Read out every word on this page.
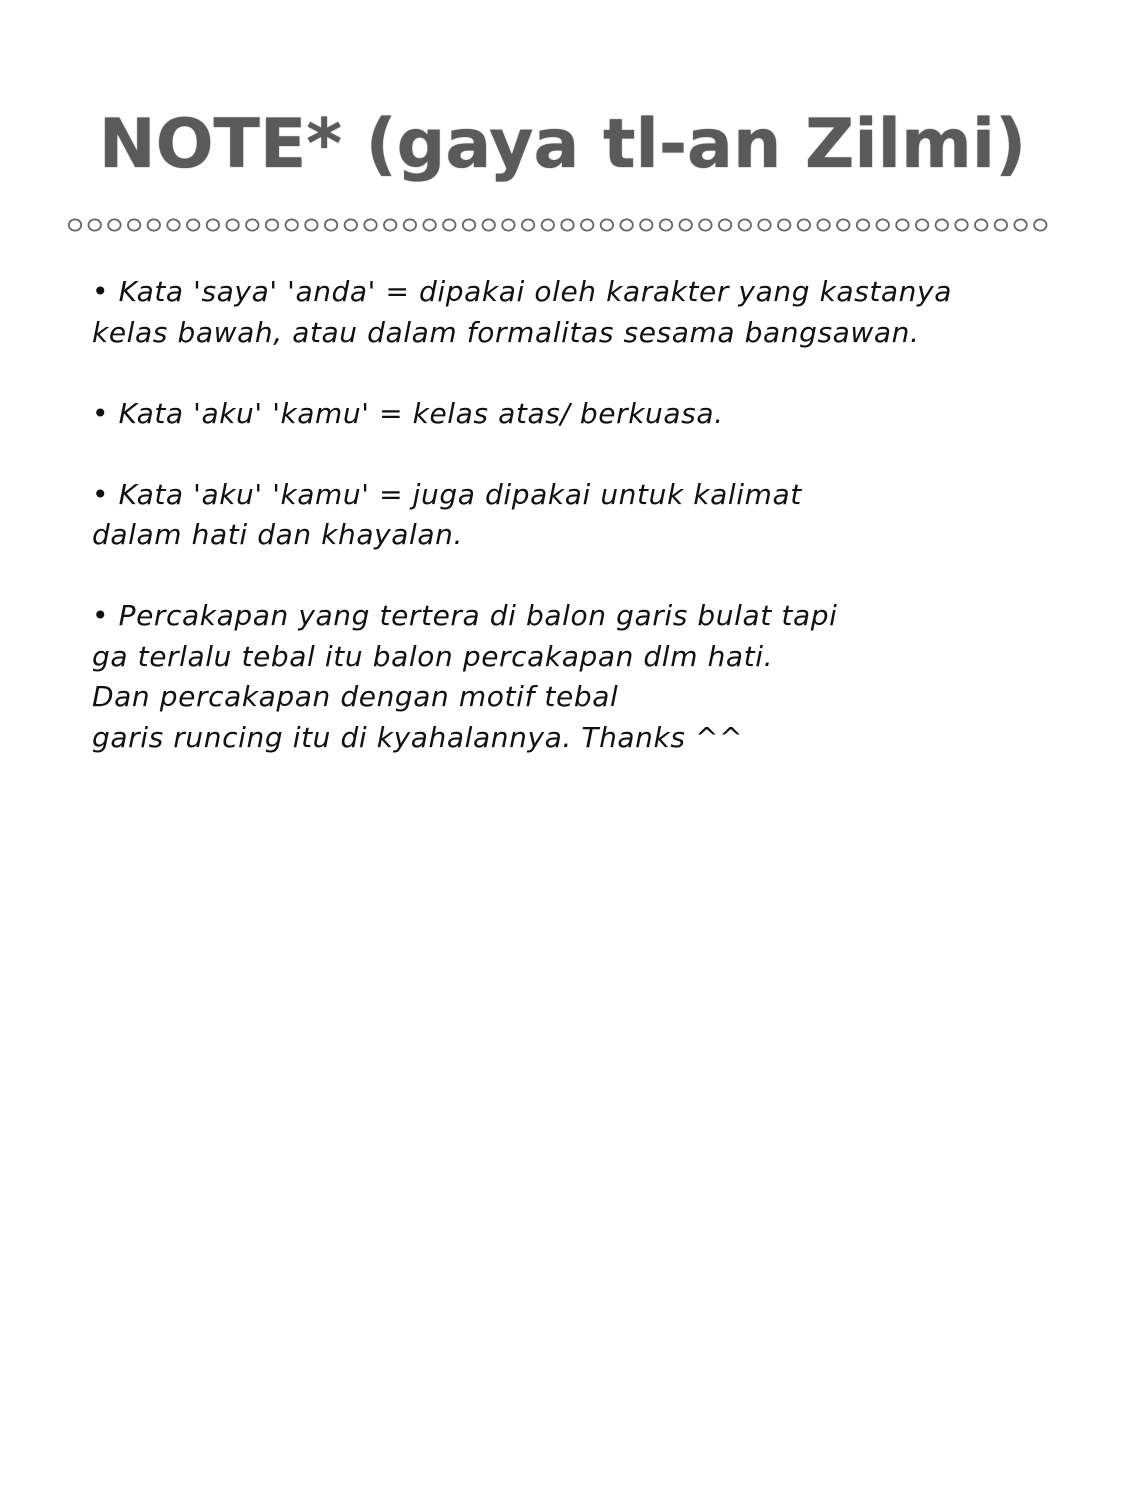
NOTE* (gaya tl-an Zilmi)

• Kata 'saya' 'anda' = dipakai oleh karakter yang kastanya
kelas bawah, atau dalam formalitas sesama bangsawan.

• Kata 'aku' 'kamu' = kelas atas/ berkuasa.

• Kata 'aku' 'kamu' = juga dipakai untuk kalimat
dalam hati dan khayalan.

• Percakapan yang tertera di balon garis bulat tapi
ga terlalu tebal itu balon percakapan dlm hati.
Dan percakapan dengan motif tebal
garis runcing itu di kyahalannya. Thanks ^^
